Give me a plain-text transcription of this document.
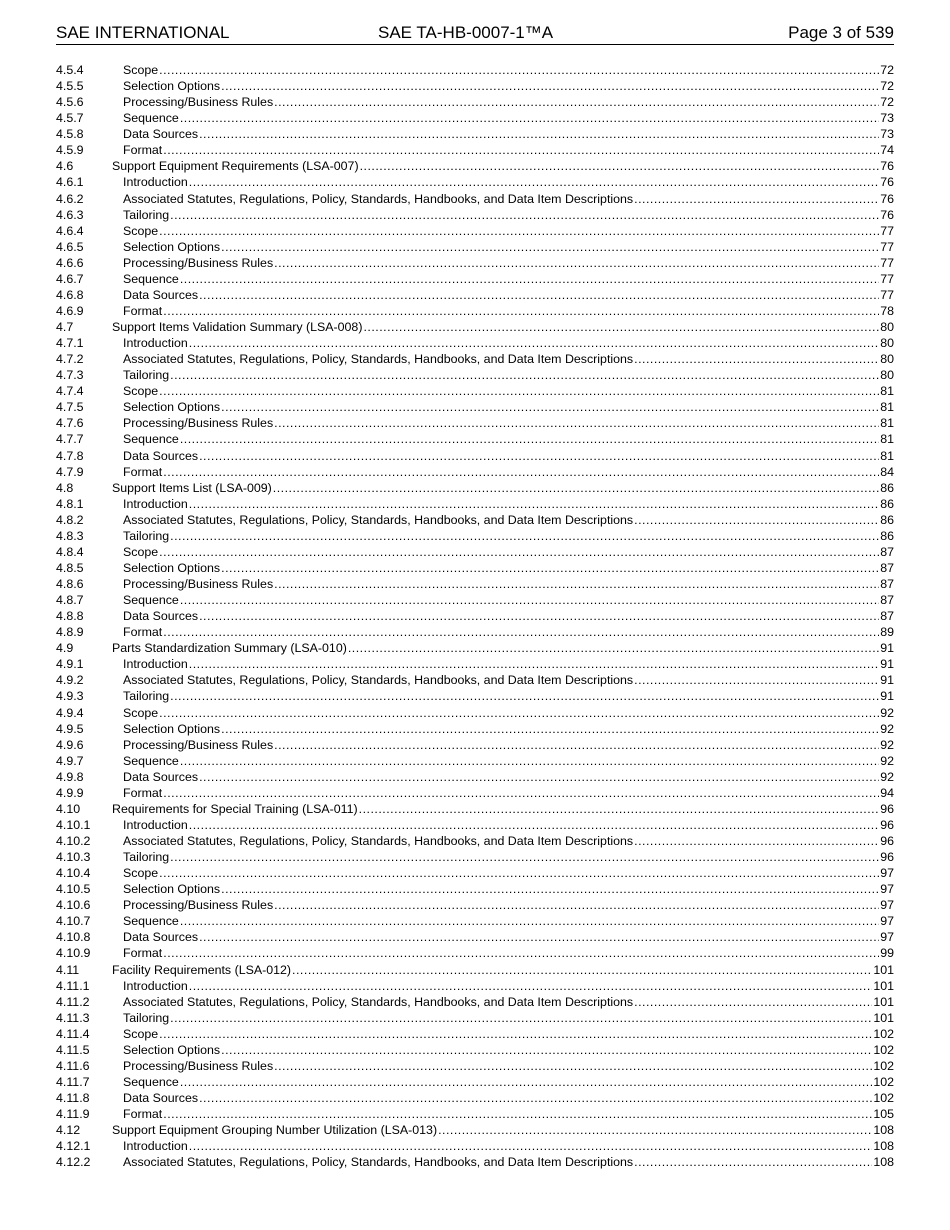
SAE INTERNATIONAL	SAE TA-HB-0007-1™A	Page 3 of 539
4.5.4	Scope .....	72
4.5.5	Selection Options .....	72
4.5.6	Processing/Business Rules .....	72
4.5.7	Sequence .....	73
4.5.8	Data Sources .....	73
4.5.9	Format .....	74
4.6	Support Equipment Requirements (LSA-007) .....	76
4.6.1	Introduction .....	76
4.6.2	Associated Statutes, Regulations, Policy, Standards, Handbooks, and Data Item Descriptions .....	76
4.6.3	Tailoring .....	76
4.6.4	Scope .....	77
4.6.5	Selection Options .....	77
4.6.6	Processing/Business Rules .....	77
4.6.7	Sequence .....	77
4.6.8	Data Sources .....	77
4.6.9	Format .....	78
4.7	Support Items Validation Summary (LSA-008) .....	80
4.7.1	Introduction .....	80
4.7.2	Associated Statutes, Regulations, Policy, Standards, Handbooks, and Data Item Descriptions .....	80
4.7.3	Tailoring .....	80
4.7.4	Scope .....	81
4.7.5	Selection Options .....	81
4.7.6	Processing/Business Rules .....	81
4.7.7	Sequence .....	81
4.7.8	Data Sources .....	81
4.7.9	Format .....	84
4.8	Support Items List (LSA-009) .....	86
4.8.1	Introduction .....	86
4.8.2	Associated Statutes, Regulations, Policy, Standards, Handbooks, and Data Item Descriptions .....	86
4.8.3	Tailoring .....	86
4.8.4	Scope .....	87
4.8.5	Selection Options .....	87
4.8.6	Processing/Business Rules .....	87
4.8.7	Sequence .....	87
4.8.8	Data Sources .....	87
4.8.9	Format .....	89
4.9	Parts Standardization Summary (LSA-010) .....	91
4.9.1	Introduction .....	91
4.9.2	Associated Statutes, Regulations, Policy, Standards, Handbooks, and Data Item Descriptions .....	91
4.9.3	Tailoring .....	91
4.9.4	Scope .....	92
4.9.5	Selection Options .....	92
4.9.6	Processing/Business Rules .....	92
4.9.7	Sequence .....	92
4.9.8	Data Sources .....	92
4.9.9	Format .....	94
4.10	Requirements for Special Training (LSA-011) .....	96
4.10.1	Introduction .....	96
4.10.2	Associated Statutes, Regulations, Policy, Standards, Handbooks, and Data Item Descriptions .....	96
4.10.3	Tailoring .....	96
4.10.4	Scope .....	97
4.10.5	Selection Options .....	97
4.10.6	Processing/Business Rules .....	97
4.10.7	Sequence .....	97
4.10.8	Data Sources .....	97
4.10.9	Format .....	99
4.11	Facility Requirements (LSA-012) .....	101
4.11.1	Introduction .....	101
4.11.2	Associated Statutes, Regulations, Policy, Standards, Handbooks, and Data Item Descriptions .....	101
4.11.3	Tailoring .....	101
4.11.4	Scope .....	102
4.11.5	Selection Options .....	102
4.11.6	Processing/Business Rules .....	102
4.11.7	Sequence .....	102
4.11.8	Data Sources .....	102
4.11.9	Format .....	105
4.12	Support Equipment Grouping Number Utilization (LSA-013) .....	108
4.12.1	Introduction .....	108
4.12.2	Associated Statutes, Regulations, Policy, Standards, Handbooks, and Data Item Descriptions .....	108
